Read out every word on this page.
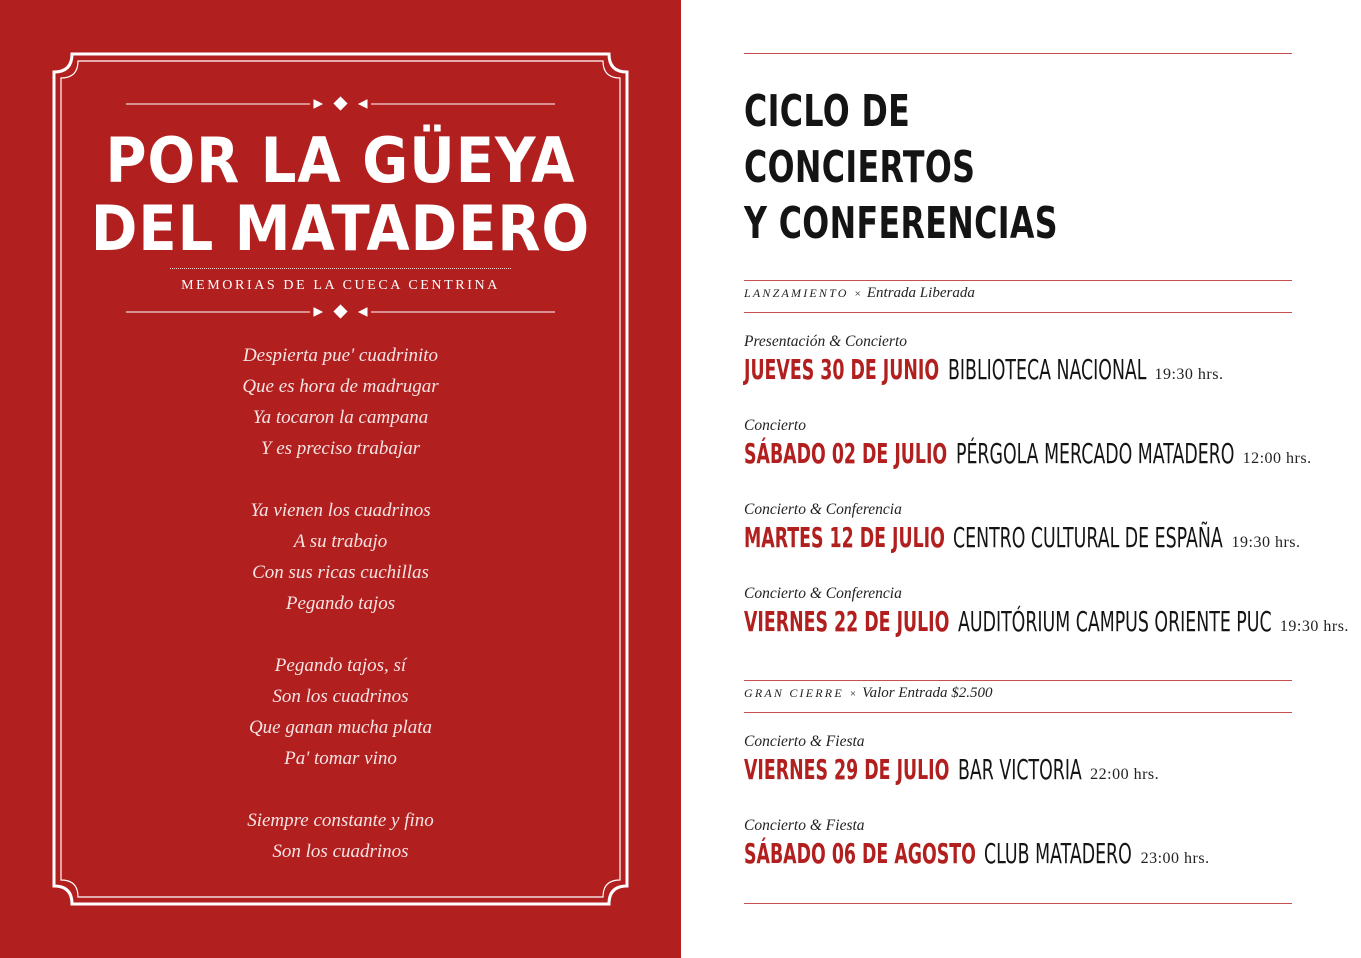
POR LA GÜEYA
DEL MATADERO
MEMORIAS DE LA CUECA CENTRINA
Despierta pue' cuadrinito
Que es hora de madrugar
Ya tocaron la campana
Y es preciso trabajar
Ya vienen los cuadrinos
A su trabajo
Con sus ricas cuchillas
Pegando tajos
Pegando tajos, sí
Son los cuadrinos
Que ganan mucha plata
Pa' tomar vino
Siempre constante y fino
Son los cuadrinos
CICLO DE
CONCIERTOS
Y CONFERENCIAS
LANZAMIENTO × Entrada Liberada
Presentación & Concierto
JUEVES 30 DE JUNIO BIBLIOTECA NACIONAL 19:30 hrs.
Concierto
SÁBADO 02 DE JULIO PÉRGOLA MERCADO MATADERO 12:00 hrs.
Concierto & Conferencia
MARTES 12 DE JULIO CENTRO CULTURAL DE ESPAÑA 19:30 hrs.
Concierto & Conferencia
VIERNES 22 DE JULIO AUDITÓRIUM CAMPUS ORIENTE PUC 19:30 hrs.
GRAN CIERRE × Valor Entrada $2.500
Concierto & Fiesta
VIERNES 29 DE JULIO BAR VICTORIA 22:00 hrs.
Concierto & Fiesta
SÁBADO 06 DE AGOSTO CLUB MATADERO 23:00 hrs.
